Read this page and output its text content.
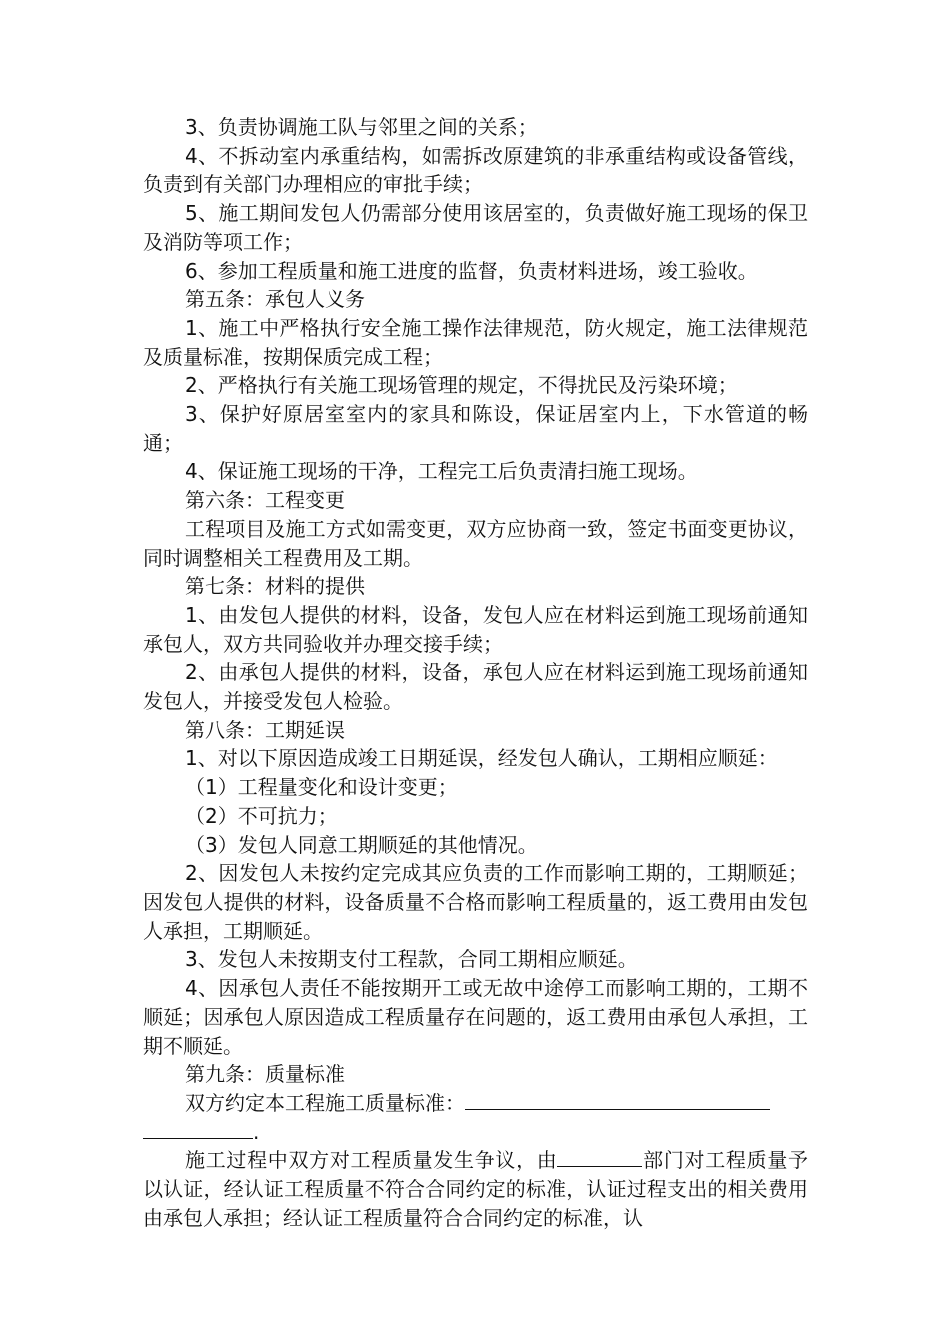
3、负责协调施工队与邻里之间的关系；

4、不拆动室内承重结构，如需拆改原建筑的非承重结构或设备管线，负责到有关部门办理相应的审批手续；

5、施工期间发包人仍需部分使用该居室的，负责做好施工现场的保卫及消防等项工作；

6、参加工程质量和施工进度的监督，负责材料进场，竣工验收。

第五条：承包人义务

1、施工中严格执行安全施工操作法律规范，防火规定，施工法律规范及质量标准，按期保质完成工程；

2、严格执行有关施工现场管理的规定，不得扰民及污染环境；

3、保护好原居室室内的家具和陈设，保证居室内上，下水管道的畅通；

4、保证施工现场的干净，工程完工后负责清扫施工现场。

第六条：工程变更

工程项目及施工方式如需变更，双方应协商一致，签定书面变更协议，同时调整相关工程费用及工期。

第七条：材料的提供

1、由发包人提供的材料，设备，发包人应在材料运到施工现场前通知承包人，双方共同验收并办理交接手续；

2、由承包人提供的材料，设备，承包人应在材料运到施工现场前通知发包人，并接受发包人检验。

第八条：工期延误

1、对以下原因造成竣工日期延误，经发包人确认，工期相应顺延：

（1）工程量变化和设计变更；

（2）不可抗力；

（3）发包人同意工期顺延的其他情况。

2、因发包人未按约定完成其应负责的工作而影响工期的，工期顺延；因发包人提供的材料，设备质量不合格而影响工程质量的，返工费用由发包人承担，工期顺延。

3、发包人未按期支付工程款，合同工期相应顺延。

4、因承包人责任不能按期开工或无故中途停工而影响工期的，工期不顺延；因承包人原因造成工程质量存在问题的，返工费用由承包人承担，工期不顺延。

第九条：质量标准

双方约定本工程施工质量标准：

.

施工过程中双方对工程质量发生争议，由	部门对工程质量予以认证，经认证工程质量不符合合同约定的标准，认证过程支出的相关费用由承包人承担；经认证工程质量符合合同约定的标准，认
